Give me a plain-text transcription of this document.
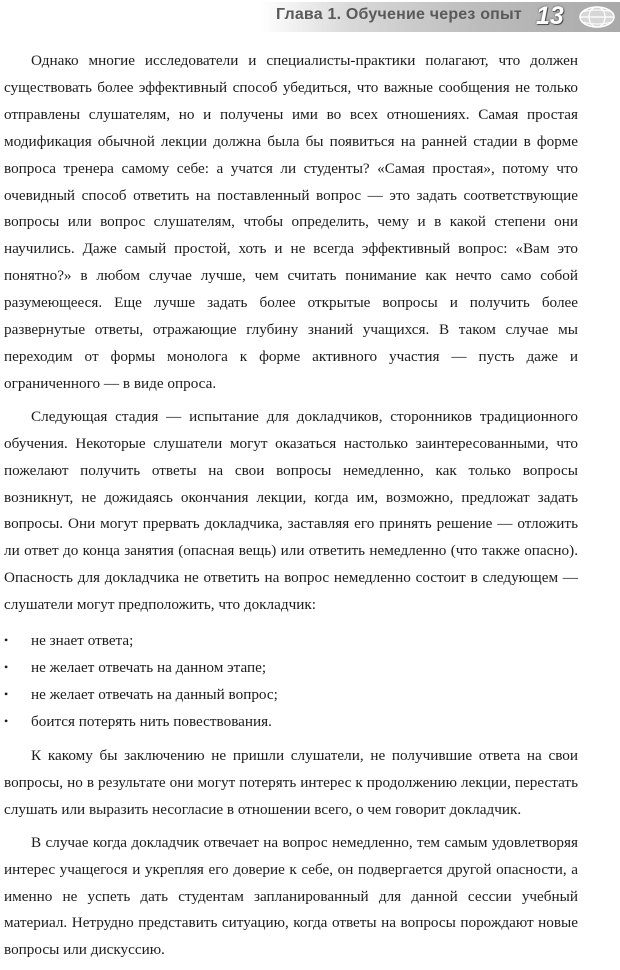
Глава 1. Обучение через опыт 13

Однако многие исследователи и специалисты-практики полагают, что должен существовать более эффективный способ убедиться, что важные сообщения не только отправлены слушателям, но и получены ими во всех отношениях. Самая простая модификация обычной лекции должна была бы появиться на ранней стадии в форме вопроса тренера самому себе: а учатся ли студенты? «Самая простая», потому что очевидный способ ответить на поставленный вопрос — это задать соответствующие вопросы или вопрос слушателям, чтобы определить, чему и в какой степени они научились. Даже самый простой, хоть и не всегда эффективный вопрос: «Вам это понятно?» в любом случае лучше, чем считать понимание как нечто само собой разумеющееся. Еще лучше задать более открытые вопросы и получить более развернутые ответы, отражающие глубину знаний учащихся. В таком случае мы переходим от формы монолога к форме активного участия — пусть даже и ограниченного — в виде опроса.

Следующая стадия — испытание для докладчиков, сторонников традиционного обучения. Некоторые слушатели могут оказаться настолько заинтересованными, что пожелают получить ответы на свои вопросы немедленно, как только вопросы возникнут, не дожидаясь окончания лекции, когда им, возможно, предложат задать вопросы. Они могут прервать докладчика, заставляя его принять решение — отложить ли ответ до конца занятия (опасная вещь) или ответить немедленно (что также опасно). Опасность для докладчика не ответить на вопрос немедленно состоит в следующем — слушатели могут предположить, что докладчик:

• не знает ответа;
• не желает отвечать на данном этапе;
• не желает отвечать на данный вопрос;
• боится потерять нить повествования.

К какому бы заключению не пришли слушатели, не получившие ответа на свои вопросы, но в результате они могут потерять интерес к продолжению лекции, перестать слушать или выразить несогласие в отношении всего, о чем говорит докладчик.

В случае когда докладчик отвечает на вопрос немедленно, тем самым удовлетворяя интерес учащегося и укрепляя его доверие к себе, он подвергается другой опасности, а именно не успеть дать студентам запланированный для данной сессии учебный материал. Нетрудно представить ситуацию, когда ответы на вопросы порождают новые вопросы или дискуссию.
